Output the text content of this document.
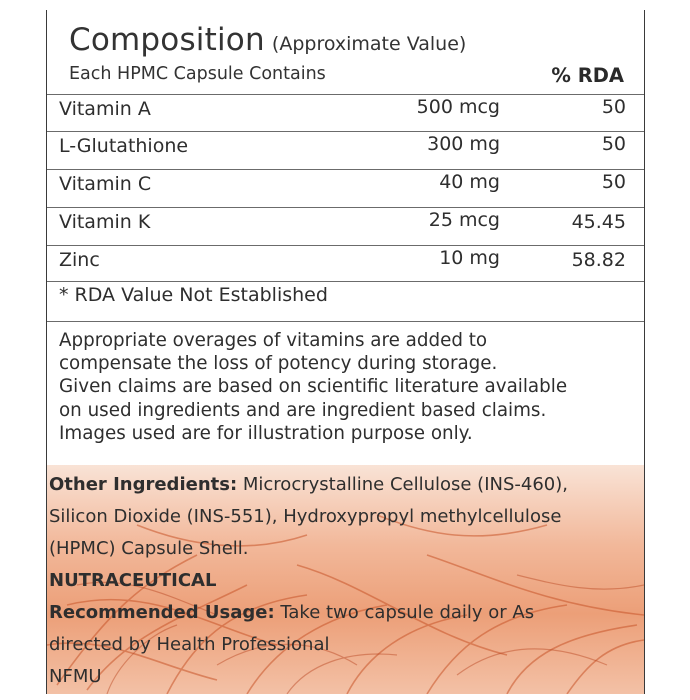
Composition (Approximate Value)
Each HPMC Capsule Contains	% RDA
Vitamin A	500 mcg	50
L-Glutathione	300 mg	50
Vitamin C	40 mg	50
Vitamin K	25 mcg	45.45
Zinc	10 mg	58.82
* RDA Value Not Established
Appropriate overages of vitamins are added to
compensate the loss of potency during storage.
Given claims are based on scientific literature available
on used ingredients and are ingredient based claims.
Images used are for illustration purpose only.
Other Ingredients: Microcrystalline Cellulose (INS-460),
Silicon Dioxide (INS-551), Hydroxypropyl methylcellulose
(HPMC) Capsule Shell.
NUTRACEUTICAL
Recommended Usage: Take two capsule daily or As
directed by Health Professional
NFMU
